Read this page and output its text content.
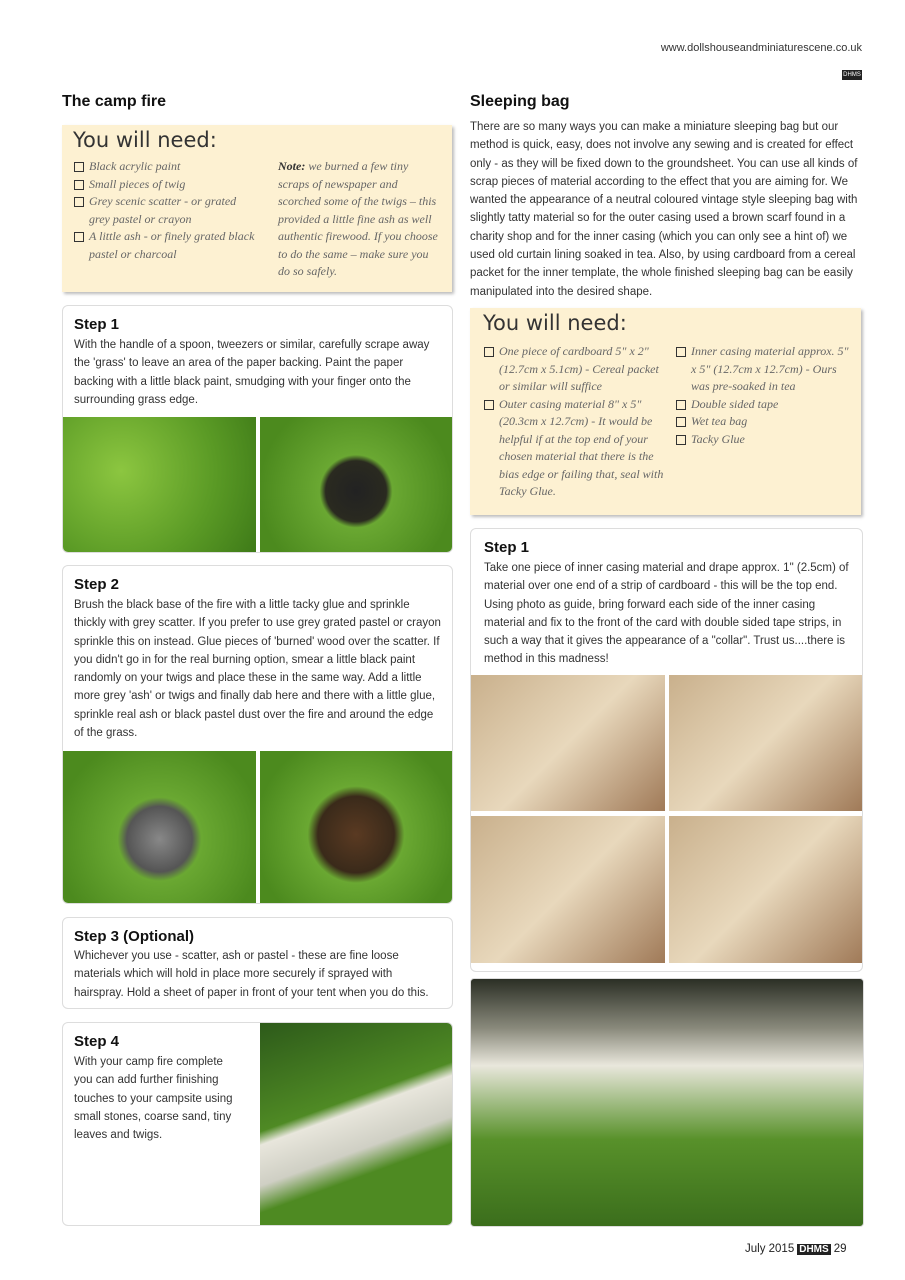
www.dollshouseandminiaturescene.co.uk
DHMS
The camp fire	Sleeping bag
You will need:
Black acrylic paint
Small pieces of twig
Grey scenic scatter - or grated grey pastel or crayon
A little ash - or finely grated black pastel or charcoal
Note: we burned a few tiny scraps of newspaper and scorched some of the twigs – this provided a little fine ash as well authentic firewood. If you choose to do the same – make sure you do so safely.
Step 1

With the handle of a spoon, tweezers or similar, carefully scrape away the 'grass' to leave an area of the paper backing. Paint the paper backing with a little black paint, smudging with your finger onto the surrounding grass edge.

Step 2

Brush the black base of the fire with a little tacky glue and sprinkle thickly with grey scatter. If you prefer to use grey grated pastel or crayon sprinkle this on instead. Glue pieces of 'burned' wood over the scatter. If you didn't go in for the real burning option, smear a little black paint randomly on your twigs and place these in the same way. Add a little more grey 'ash' or twigs and finally dab here and there with a little glue, sprinkle real ash or black pastel dust over the fire and around the edge of the grass.

Step 3 (Optional)

Whichever you use - scatter, ash or pastel - these are fine loose materials which will hold in place more securely if sprayed with hairspray. Hold a sheet of paper in front of your tent when you do this.

Step 4

With your camp fire complete you can add further finishing touches to your campsite using small stones, coarse sand, tiny leaves and twigs.

There are so many ways you can make a miniature sleeping bag but our method is quick, easy, does not involve any sewing and is created for effect only - as they will be fixed down to the groundsheet. You can use all kinds of scrap pieces of material according to the effect that you are aiming for. We wanted the appearance of a neutral coloured vintage style sleeping bag with slightly tatty material so for the outer casing used a brown scarf found in a charity shop and for the inner casing (which you can only see a hint of) we used old curtain lining soaked in tea. Also, by using cardboard from a cereal packet for the inner template, the whole finished sleeping bag can be easily manipulated into the desired shape.

You will need:
One piece of cardboard 5" x 2" (12.7cm x 5.1cm) - Cereal packet or similar will suffice
Outer casing material 8" x 5" (20.3cm x 12.7cm) - It would be helpful if at the top end of your chosen material that there is the bias edge or failing that, seal with Tacky Glue.
Inner casing material approx. 5" x 5" (12.7cm x 12.7cm) - Ours was pre-soaked in tea
Double sided tape
Wet tea bag
Tacky Glue
Step 1

Take one piece of inner casing material and drape approx. 1" (2.5cm) of material over one end of a strip of cardboard - this will be the top end. Using photo as guide, bring forward each side of the inner casing material and fix to the front of the card with double sided tape strips, in such a way that it gives the appearance of a "collar". Trust us....there is method in this madness!

July 2015 DHMS 29
